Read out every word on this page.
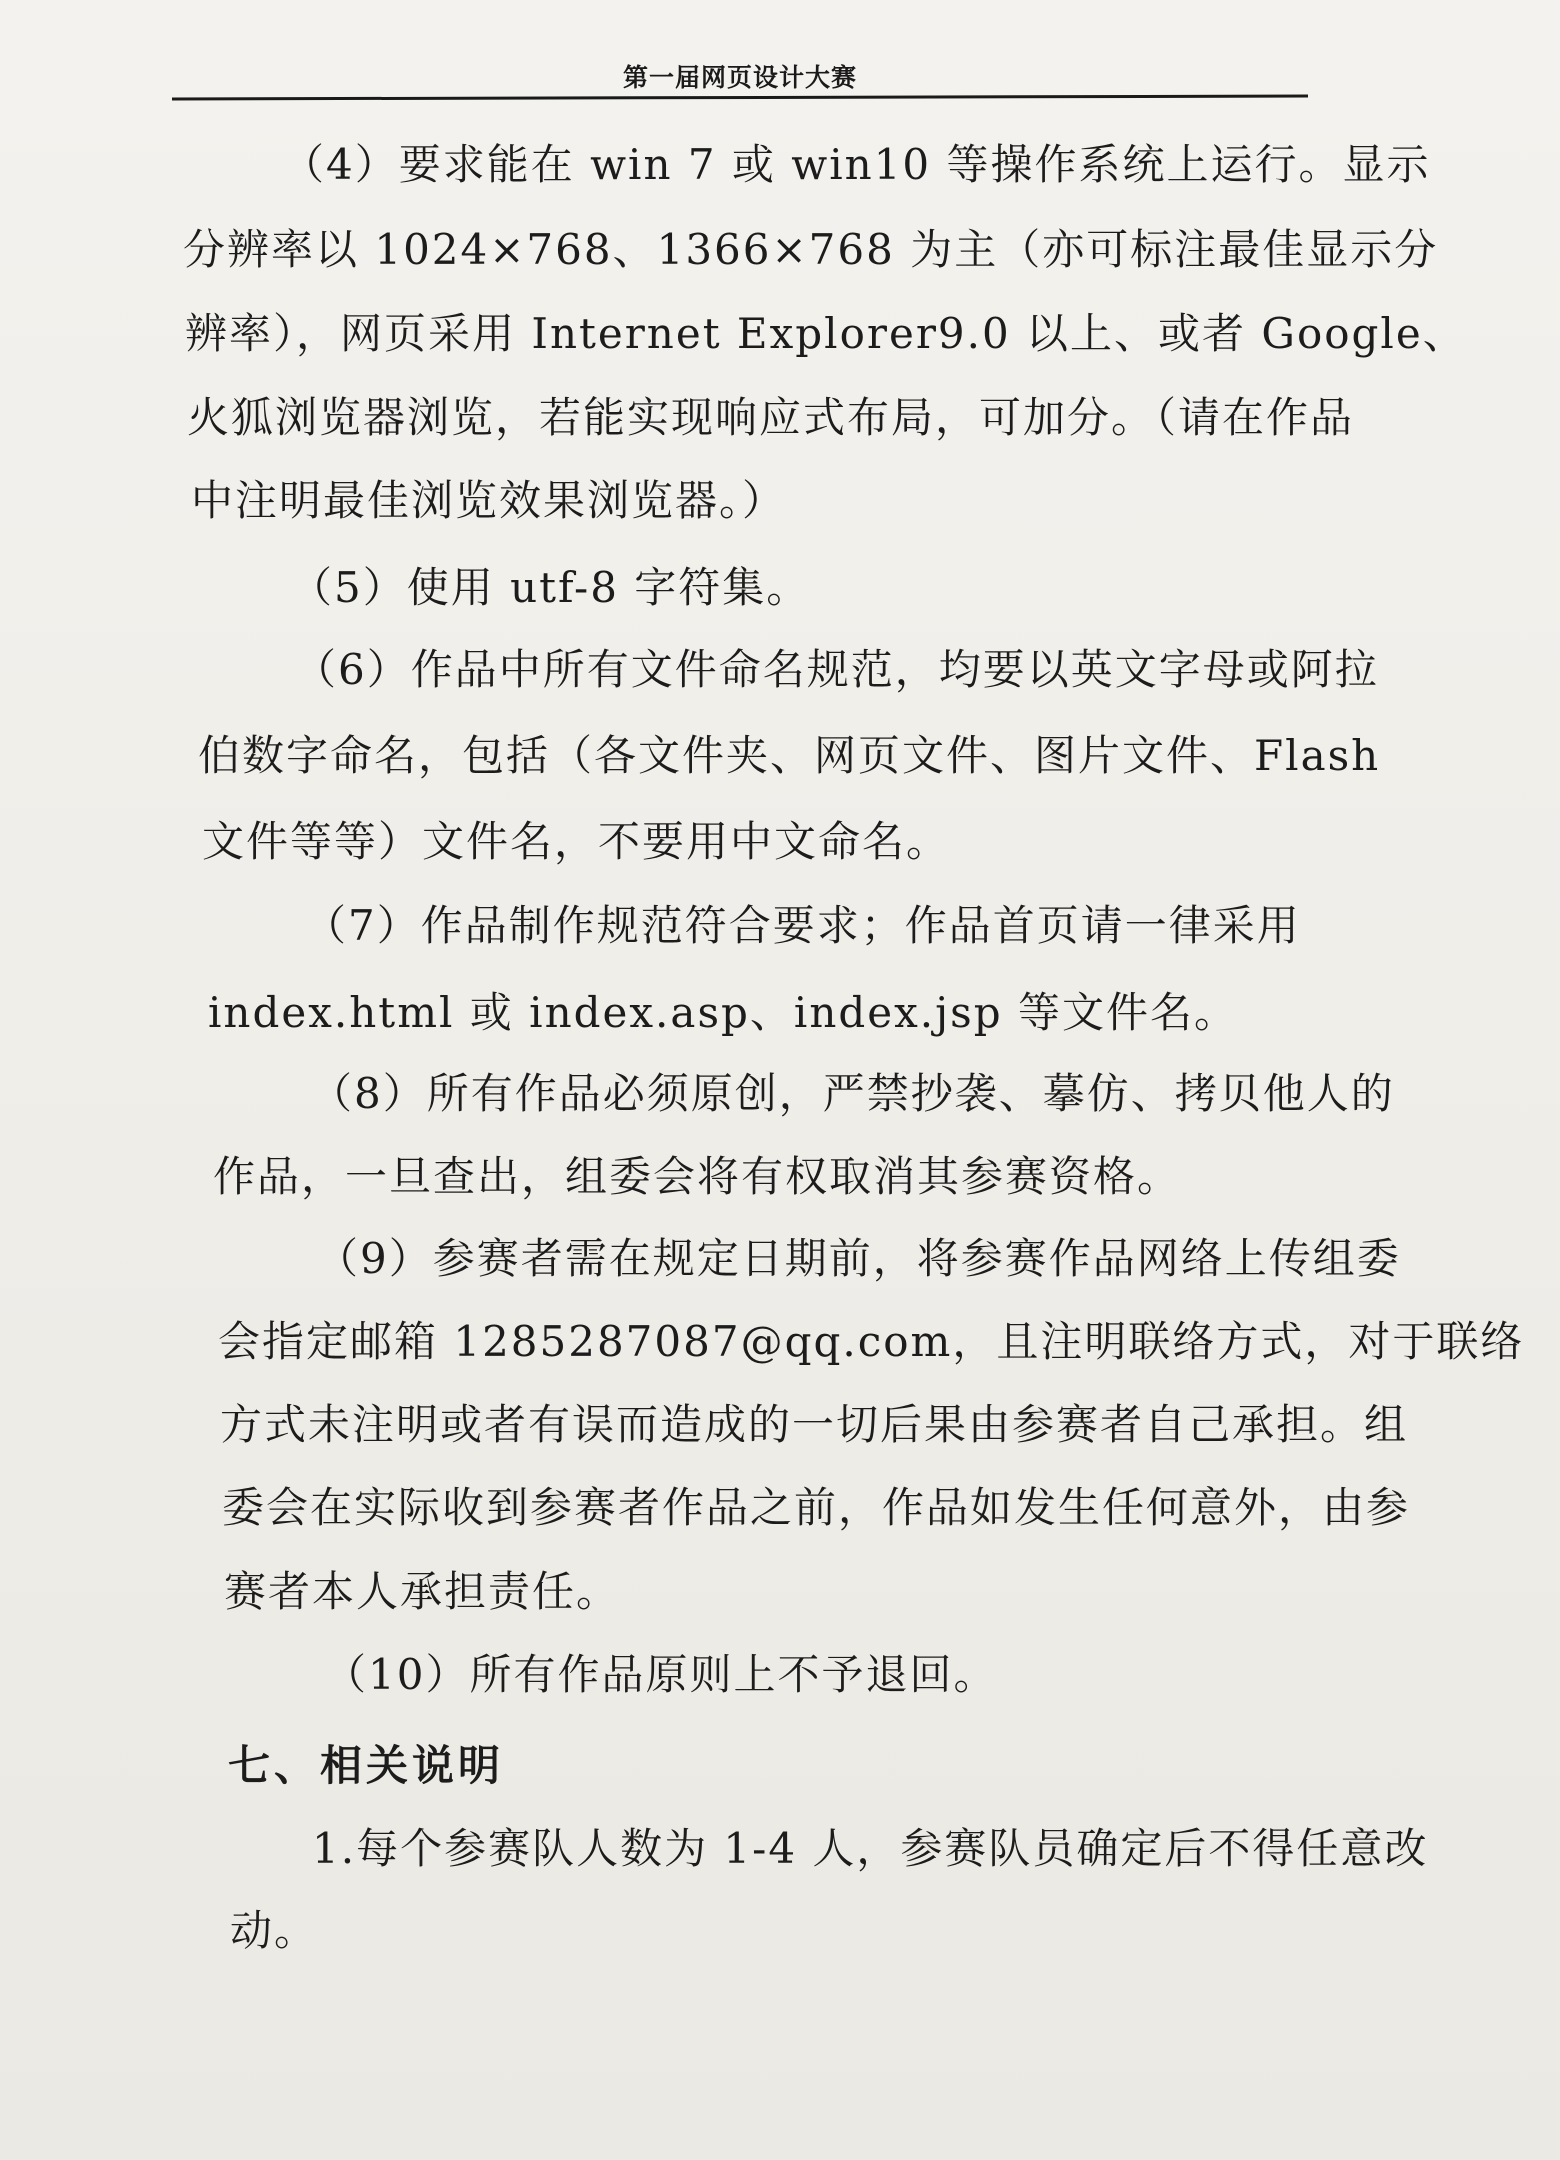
第一届网页设计大赛
（4）要求能在 win 7 或 win10 等操作系统上运行。显示
分辨率以 1024×768、1366×768 为主（亦可标注最佳显示分
辨率），网页采用 Internet Explorer9.0 以上、或者 Google、
火狐浏览器浏览，若能实现响应式布局，可加分。（请在作品
中注明最佳浏览效果浏览器。）
（5）使用 utf-8 字符集。
（6）作品中所有文件命名规范，均要以英文字母或阿拉
伯数字命名，包括（各文件夹、网页文件、图片文件、Flash
文件等等）文件名，不要用中文命名。
（7）作品制作规范符合要求；作品首页请一律采用
index.html 或 index.asp、index.jsp 等文件名。
（8）所有作品必须原创，严禁抄袭、摹仿、拷贝他人的
作品，一旦查出，组委会将有权取消其参赛资格。
（9）参赛者需在规定日期前，将参赛作品网络上传组委
会指定邮箱 1285287087@qq.com，且注明联络方式，对于联络
方式未注明或者有误而造成的一切后果由参赛者自己承担。组
委会在实际收到参赛者作品之前，作品如发生任何意外，由参
赛者本人承担责任。
（10）所有作品原则上不予退回。
七、相关说明
1.每个参赛队人数为 1-4 人，参赛队员确定后不得任意改
动。
